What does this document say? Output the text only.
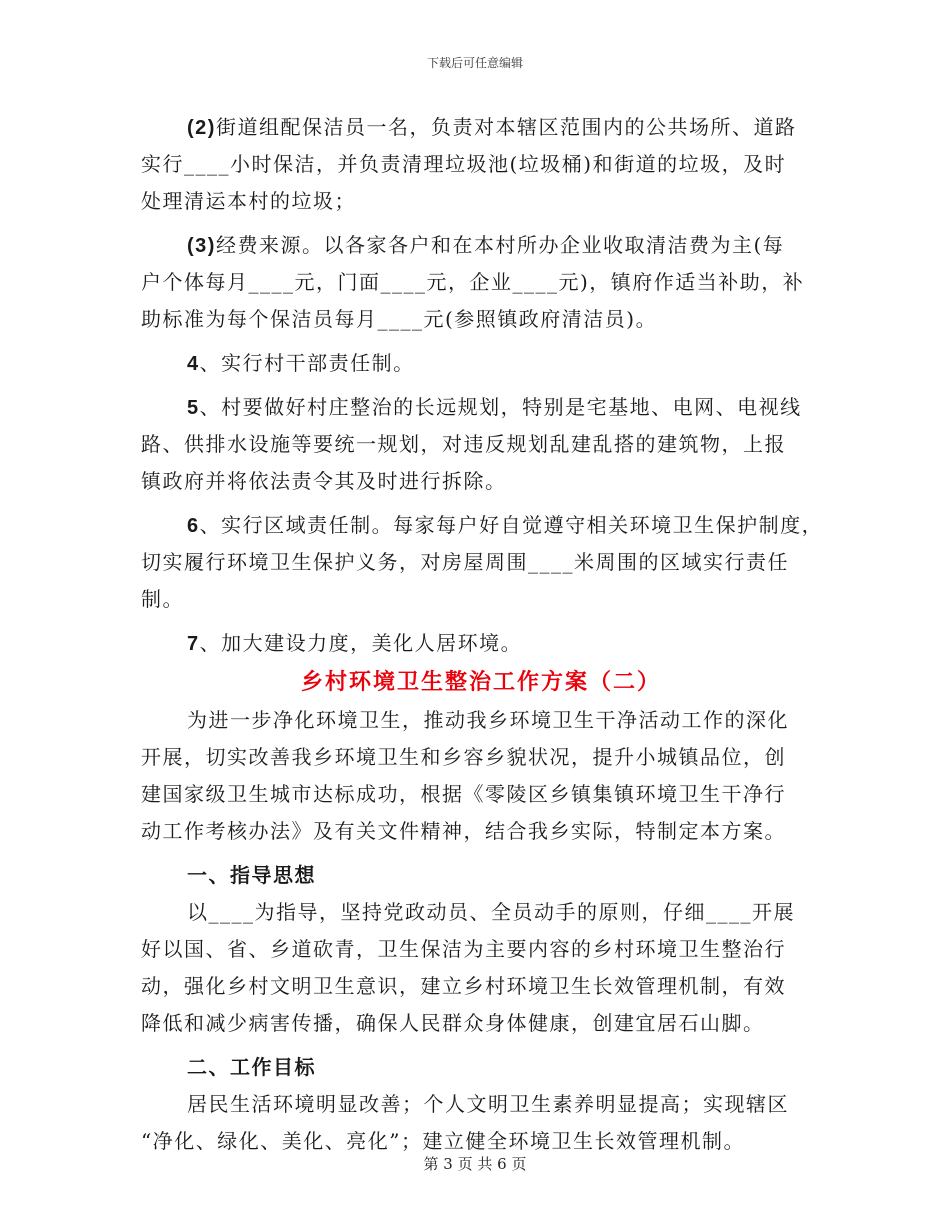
下载后可任意编辑
(2)街道组配保洁员一名，负责对本辖区范围内的公共场所、道路
实行____小时保洁，并负责清理垃圾池(垃圾桶)和街道的垃圾，及时
处理清运本村的垃圾；
(3)经费来源。以各家各户和在本村所办企业收取清洁费为主(每
户个体每月____元，门面____元，企业____元)，镇府作适当补助，补
助标准为每个保洁员每月____元(参照镇政府清洁员)。
4、实行村干部责任制。
5、村要做好村庄整治的长远规划，特别是宅基地、电网、电视线
路、供排水设施等要统一规划，对违反规划乱建乱搭的建筑物，上报
镇政府并将依法责令其及时进行拆除。
6、实行区域责任制。每家每户好自觉遵守相关环境卫生保护制度，
切实履行环境卫生保护义务，对房屋周围____米周围的区域实行责任
制。
7、加大建设力度，美化人居环境。
乡村环境卫生整治工作方案（二）
为进一步净化环境卫生，推动我乡环境卫生干净活动工作的深化
开展，切实改善我乡环境卫生和乡容乡貌状况，提升小城镇品位，创
建国家级卫生城市达标成功，根据《零陵区乡镇集镇环境卫生干净行
动工作考核办法》及有关文件精神，结合我乡实际，特制定本方案。
一、指导思想
以____为指导，坚持党政动员、全员动手的原则，仔细____开展
好以国、省、乡道砍青，卫生保洁为主要内容的乡村环境卫生整治行
动，强化乡村文明卫生意识，建立乡村环境卫生长效管理机制，有效
降低和减少病害传播，确保人民群众身体健康，创建宜居石山脚。
二、工作目标
居民生活环境明显改善；个人文明卫生素养明显提高；实现辖区
“净化、绿化、美化、亮化”；建立健全环境卫生长效管理机制。
第 3 页 共 6 页
